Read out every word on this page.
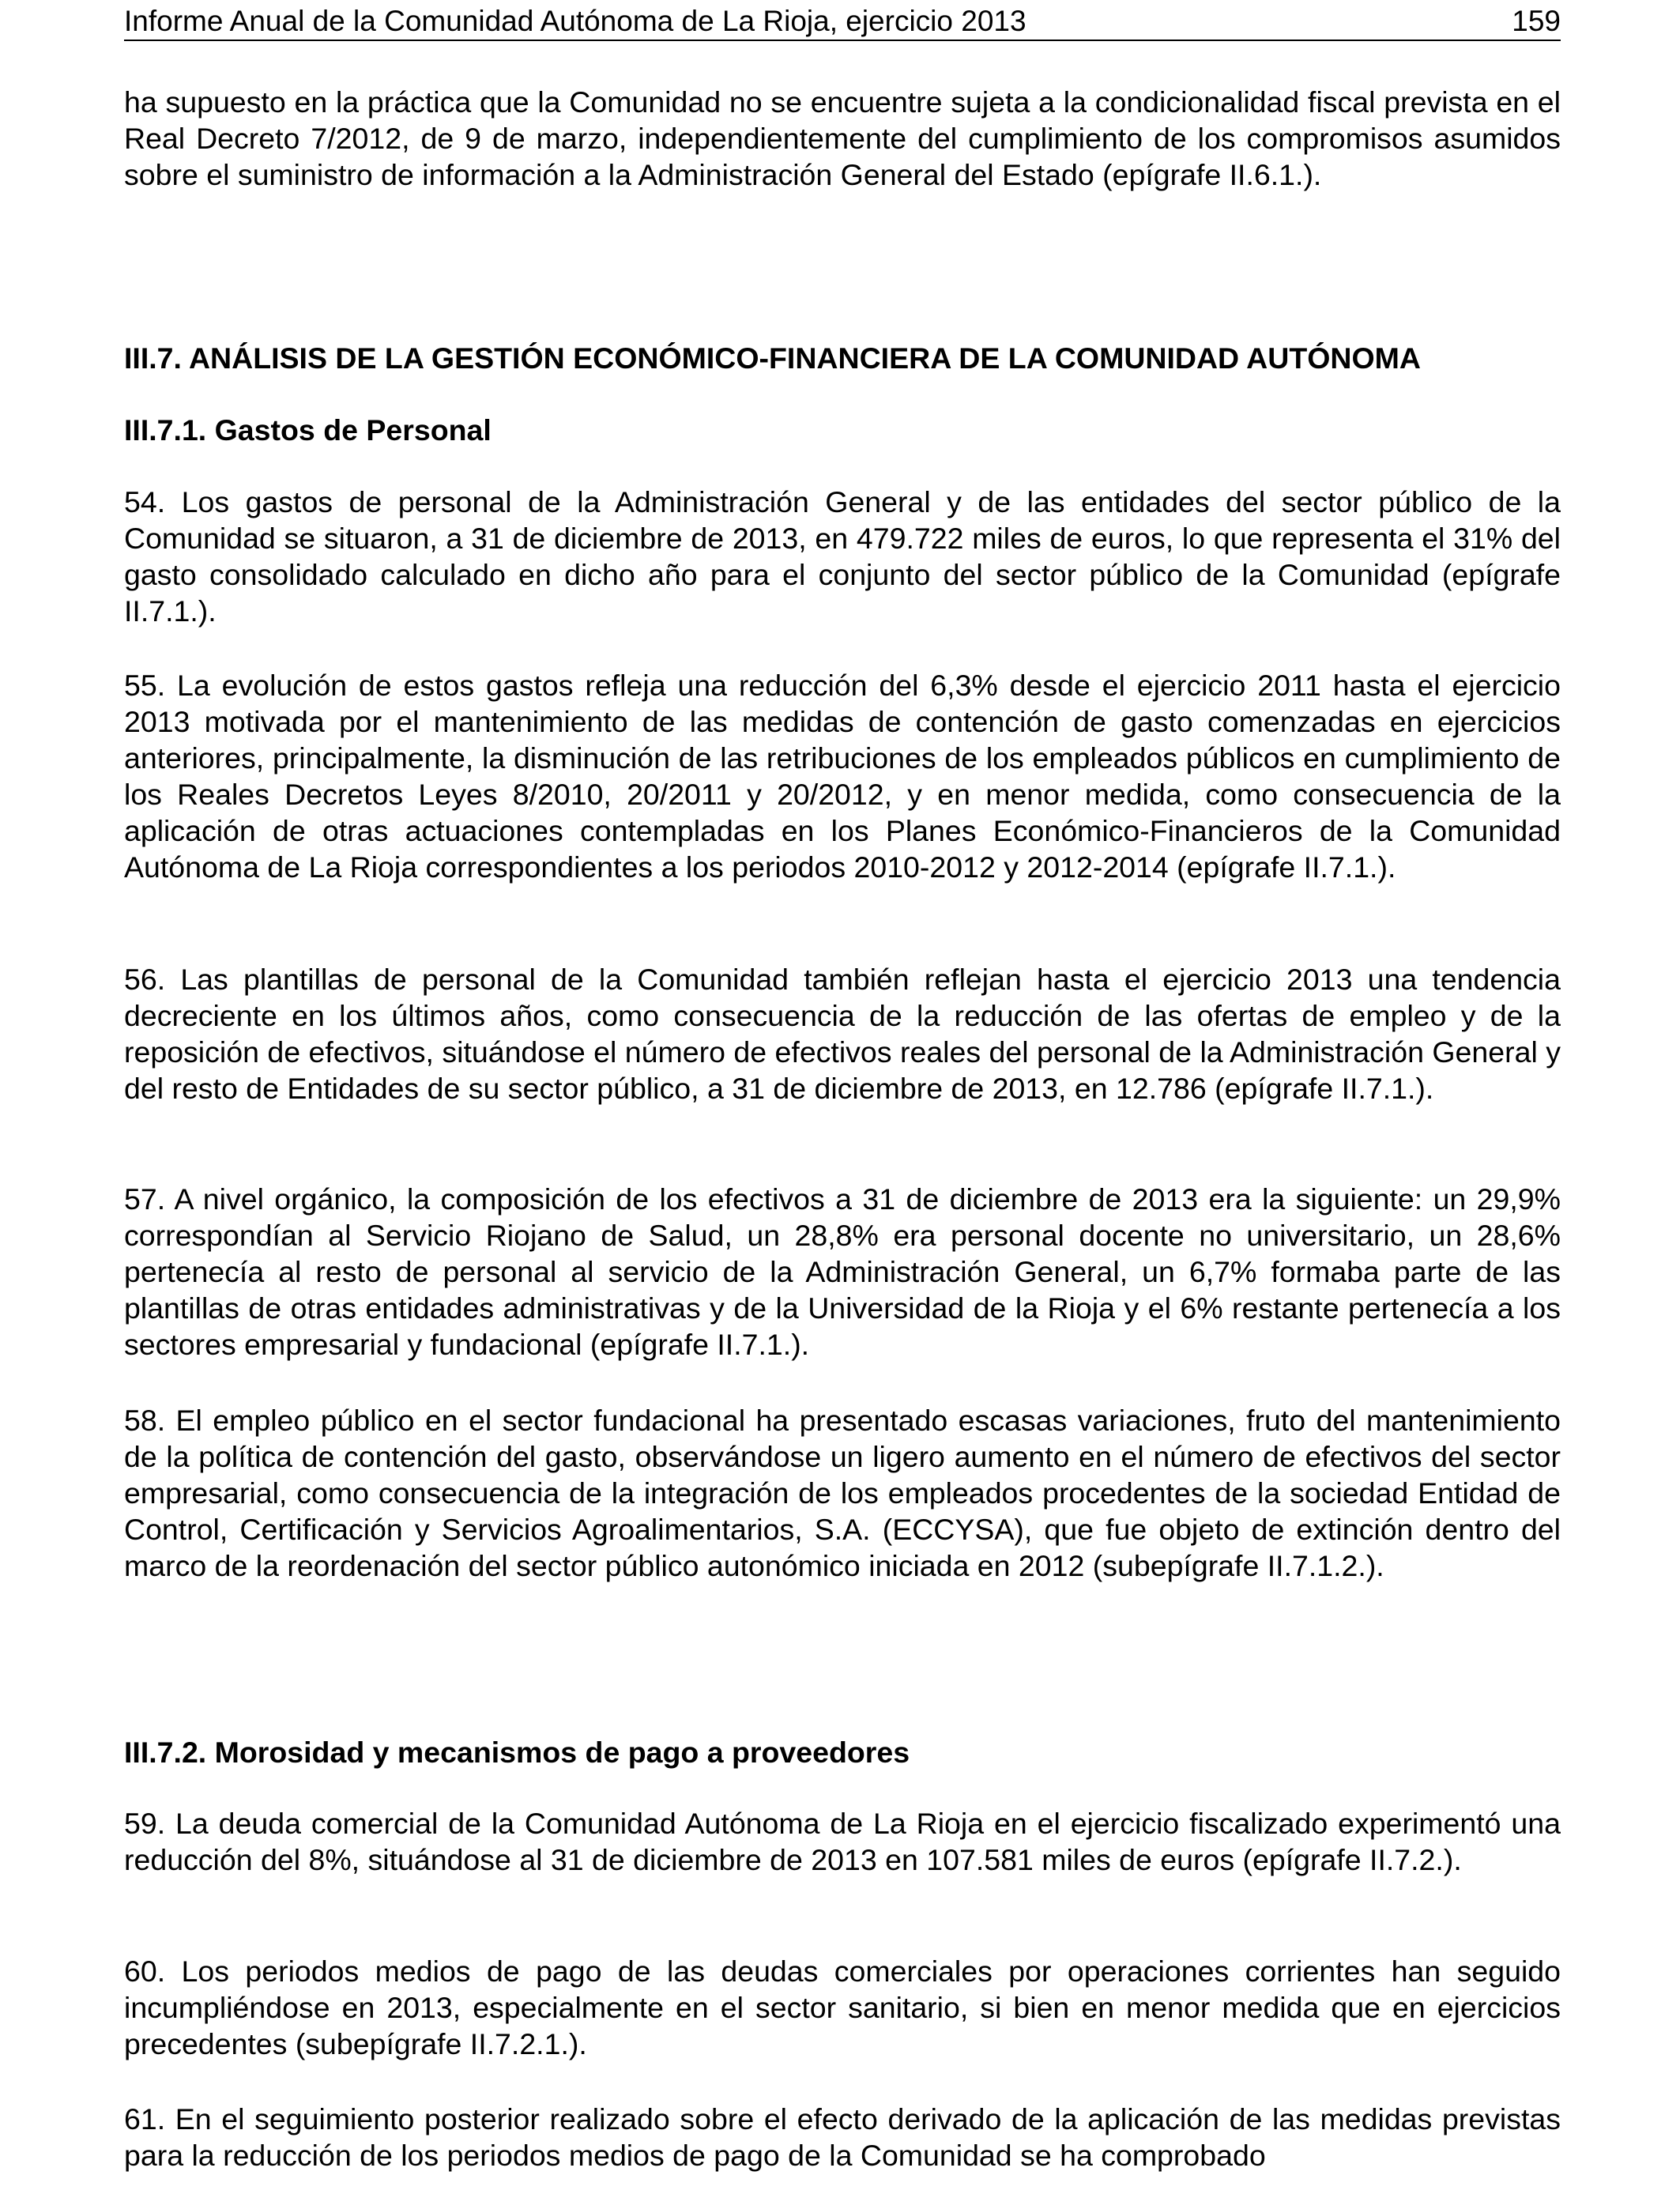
Informe Anual de la Comunidad Autónoma de La Rioja, ejercicio 2013	159

ha supuesto en la práctica que la Comunidad no se encuentre sujeta a la condicionalidad fiscal prevista en el Real Decreto 7/2012, de 9 de marzo, independientemente del cumplimiento de los compromisos asumidos sobre el suministro de información a la Administración General del Estado (epígrafe II.6.1.).

III.7. ANÁLISIS DE LA GESTIÓN ECONÓMICO-FINANCIERA DE LA COMUNIDAD AUTÓNOMA
III.7.1. Gastos de Personal

54. Los gastos de personal de la Administración General y de las entidades del sector público de la Comunidad se situaron, a 31 de diciembre de 2013, en 479.722 miles de euros, lo que representa el 31% del gasto consolidado calculado en dicho año para el conjunto del sector público de la Comunidad (epígrafe II.7.1.).

55. La evolución de estos gastos refleja una reducción del 6,3% desde el ejercicio 2011 hasta el ejercicio 2013 motivada por el mantenimiento de las medidas de contención de gasto comenzadas en ejercicios anteriores, principalmente, la disminución de las retribuciones de los empleados públicos en cumplimiento de los Reales Decretos Leyes 8/2010, 20/2011 y 20/2012, y en menor medida, como consecuencia de la aplicación de otras actuaciones contempladas en los Planes Económico-Financieros de la Comunidad Autónoma de La Rioja correspondientes a los periodos 2010-2012 y 2012-2014 (epígrafe II.7.1.).

56. Las plantillas de personal de la Comunidad también reflejan hasta el ejercicio 2013 una tendencia decreciente en los últimos años, como consecuencia de la reducción de las ofertas de empleo y de la reposición de efectivos, situándose el número de efectivos reales del personal de la Administración General y del resto de Entidades de su sector público, a 31 de diciembre de 2013, en 12.786 (epígrafe II.7.1.).

57. A nivel orgánico, la composición de los efectivos a 31 de diciembre de 2013 era la siguiente: un 29,9% correspondían al Servicio Riojano de Salud, un 28,8% era personal docente no universitario, un 28,6% pertenecía al resto de personal al servicio de la Administración General, un 6,7% formaba parte de las plantillas de otras entidades administrativas y de la Universidad de la Rioja y el 6% restante pertenecía a los sectores empresarial y fundacional (epígrafe II.7.1.).

58. El empleo público en el sector fundacional ha presentado escasas variaciones, fruto del mantenimiento de la política de contención del gasto, observándose un ligero aumento en el número de efectivos del sector empresarial, como consecuencia de la integración de los empleados procedentes de la sociedad Entidad de Control, Certificación y Servicios Agroalimentarios, S.A. (ECCYSA), que fue objeto de extinción dentro del marco de la reordenación del sector público autonómico iniciada en 2012 (subepígrafe II.7.1.2.).

III.7.2. Morosidad y mecanismos de pago a proveedores

59. La deuda comercial de la Comunidad Autónoma de La Rioja en el ejercicio fiscalizado experimentó una reducción del 8%, situándose al 31 de diciembre de 2013 en 107.581 miles de euros (epígrafe II.7.2.).

60. Los periodos medios de pago de las deudas comerciales por operaciones corrientes han seguido incumpliéndose en 2013, especialmente en el sector sanitario, si bien en menor medida que en ejercicios precedentes (subepígrafe II.7.2.1.).

61. En el seguimiento posterior realizado sobre el efecto derivado de la aplicación de las medidas previstas para la reducción de los periodos medios de pago de la Comunidad se ha comprobado
